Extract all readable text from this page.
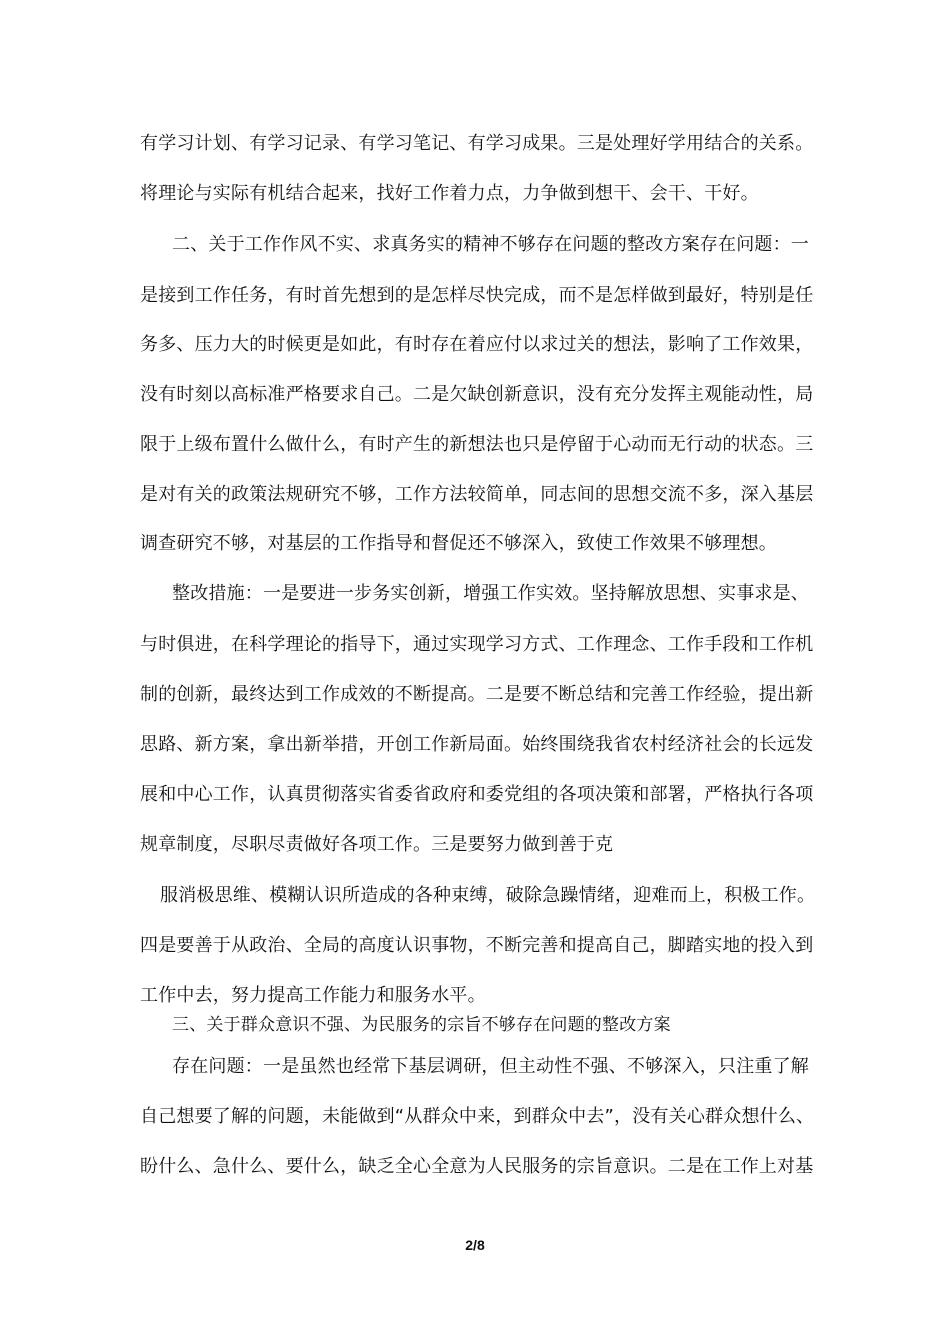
有学习计划、有学习记录、有学习笔记、有学习成果。三是处理好学用结合的关系。
将理论与实际有机结合起来，找好工作着力点，力争做到想干、会干、干好。
二、关于工作作风不实、求真务实的精神不够存在问题的整改方案存在问题：一
是接到工作任务，有时首先想到的是怎样尽快完成，而不是怎样做到最好，特别是任
务多、压力大的时候更是如此，有时存在着应付以求过关的想法，影响了工作效果，
没有时刻以高标准严格要求自己。二是欠缺创新意识，没有充分发挥主观能动性，局
限于上级布置什么做什么，有时产生的新想法也只是停留于心动而无行动的状态。三
是对有关的政策法规研究不够，工作方法较简单，同志间的思想交流不多，深入基层
调查研究不够，对基层的工作指导和督促还不够深入，致使工作效果不够理想。
整改措施：一是要进一步务实创新，增强工作实效。坚持解放思想、实事求是、
与时俱进，在科学理论的指导下，通过实现学习方式、工作理念、工作手段和工作机
制的创新，最终达到工作成效的不断提高。二是要不断总结和完善工作经验，提出新
思路、新方案，拿出新举措，开创工作新局面。始终围绕我省农村经济社会的长远发
展和中心工作，认真贯彻落实省委省政府和委党组的各项决策和部署，严格执行各项
规章制度，尽职尽责做好各项工作。三是要努力做到善于克
服消极思维、模糊认识所造成的各种束缚，破除急躁情绪，迎难而上，积极工作。
四是要善于从政治、全局的高度认识事物，不断完善和提高自己，脚踏实地的投入到
工作中去，努力提高工作能力和服务水平。
三、关于群众意识不强、为民服务的宗旨不够存在问题的整改方案
存在问题：一是虽然也经常下基层调研，但主动性不强、不够深入，只注重了解
自己想要了解的问题，未能做到“从群众中来，到群众中去”，没有关心群众想什么、
盼什么、急什么、要什么，缺乏全心全意为人民服务的宗旨意识。二是在工作上对基
2/8
